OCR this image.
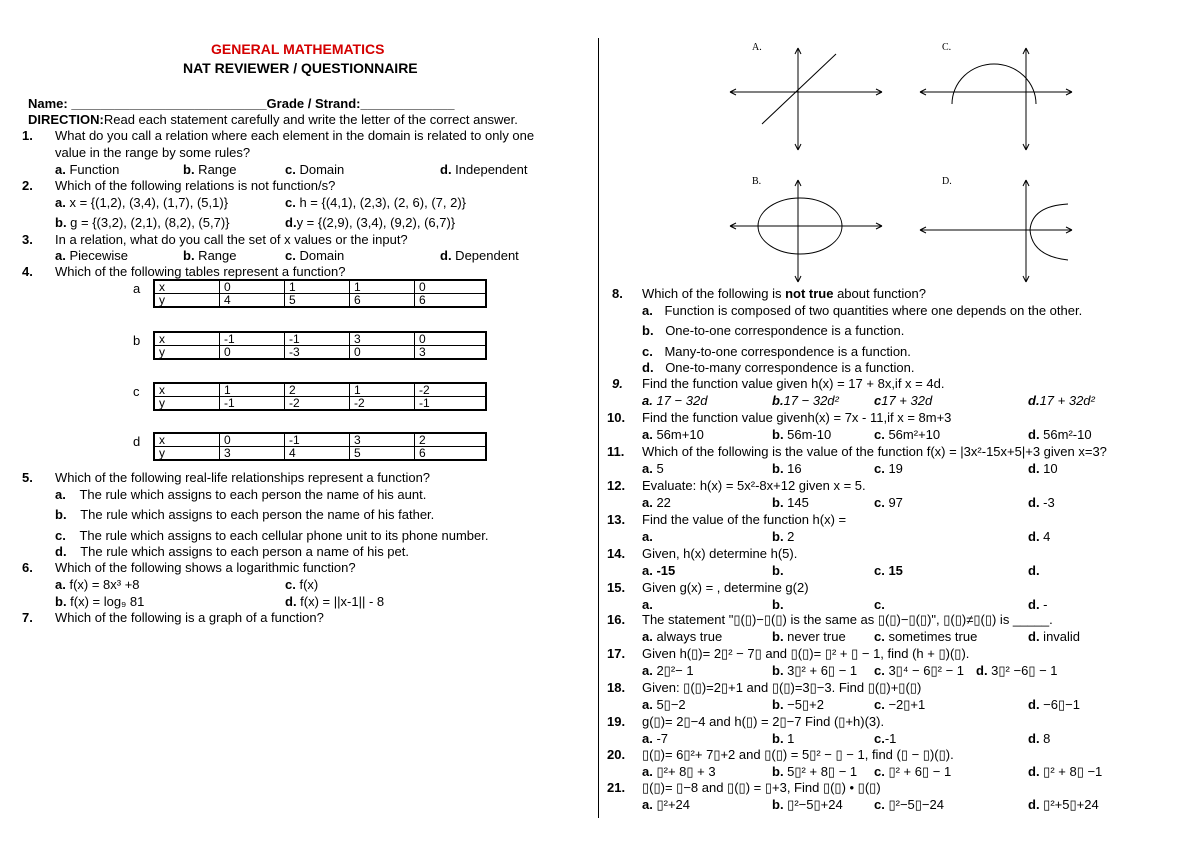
GENERAL MATHEMATICS
NAT REVIEWER / QUESTIONNAIRE
Name: ___________________________Grade / Strand:_____________
DIRECTION:Read each statement carefully and write the letter of the correct answer.
1. What do you call a relation where each element in the domain is related to only one
value in the range by some rules?
a. Function	b. Range	c. Domain	d. Independent
2. Which of the following relations is not function/s?
a. x = {(1,2), (3,4), (1,7), (5,1)}	c. h = {(4,1), (2,3), (2, 6), (7, 2)}
b. g = {(3,2), (2,1), (8,2), (5,7)}	d.y = {(2,9), (3,4), (9,2), (6,7)}
3. In a relation, what do you call the set of x values or the input?
a. Piecewise	b. Range	c. Domain	d. Dependent
4. Which of the following tables represent a function?
a x	0	1	1	0
y	4	5	6	6
b x	-1	-1	3	0
y	0	-3	0	3
c x	1	2	1	-2
y	-1	-2	-2	-1
d x	0	-1	3	2
y	3	4	5	6
5. Which of the following real-life relationships represent a function?
a. The rule which assigns to each person the name of his aunt.
b. The rule which assigns to each person the name of his father.
c. The rule which assigns to each cellular phone unit to its phone number.
d. The rule which assigns to each person a name of his pet.
6. Which of the following shows a logarithmic function?
a. f(x) = 8x³ +8	c. f(x)
b. f(x) = log₉ 81	d. f(x) = ||x-1|| - 8
7. Which of the following is a graph of a function?
A.	C.
B.	D.
8. Which of the following is not true about function?
a. Function is composed of two quantities where one depends on the other.
b. One-to-one correspondence is a function.
c. Many-to-one correspondence is a function.
d. One-to-many correspondence is a function.
9. Find the function value given h(x) = 17 + 8x,if x = 4d.
a. 17 − 32d	b.17 − 32d²	c17 + 32d	d.17 + 32d²
10. Find the function value givenh(x) = 7x - 11,if x = 8m+3
a. 56m+10	b. 56m-10	c. 56m²+10	d. 56m²-10
11. Which of the following is the value of the function f(x) = |3x²-15x+5|+3 given x=3?
a. 5	b. 16	c. 19	d. 10
12. Evaluate: h(x) = 5x²-8x+12 given x = 5.
a. 22	b. 145	c. 97	d. -3
13. Find the value of the function h(x) =
a.	b. 2	d. 4
14. Given, h(x) determine h(5).
a. -15	b.	c. 15	d.
15. Given g(x) = , determine g(2)
a.	b.	c.	d. -
16. The statement "▯(▯)−▯(▯) is the same as ▯(▯)−▯(▯)", ▯(▯)≠▯(▯) is _____.
a. always true	b. never true c. sometimes true	d. invalid
17. Given h(▯)= 2▯² − 7▯ and ▯(▯)= ▯² + ▯ − 1, find (h + ▯)(▯).
a. 2▯²− 1	b. 3▯² + 6▯ − 1 c. 3▯⁴ − 6▯² − 1 d. 3▯² −6▯ − 1
18. Given: ▯(▯)=2▯+1 and ▯(▯)=3▯−3. Find ▯(▯)+▯(▯)
a. 5▯−2	b. −5▯+2	c. −2▯+1	d. −6▯−1
19. g(▯)= 2▯−4 and h(▯) = 2▯−7 Find (▯+h)(3).
a. -7	b. 1	c.-1	d. 8
20. ▯(▯)= 6▯²+ 7▯+2 and ▯(▯) = 5▯² − ▯ − 1, find (▯ − ▯)(▯).
a. ▯²+ 8▯ + 3	b. 5▯² + 8▯ − 1 c. ▯² + 6▯ − 1	d. ▯² + 8▯ −1
21. ▯(▯)= ▯−8 and ▯(▯) = ▯+3, Find ▯(▯) • ▯(▯)
a. ▯²+24	b. ▯²−5▯+24 c. ▯²−5▯−24	d. ▯²+5▯+24
